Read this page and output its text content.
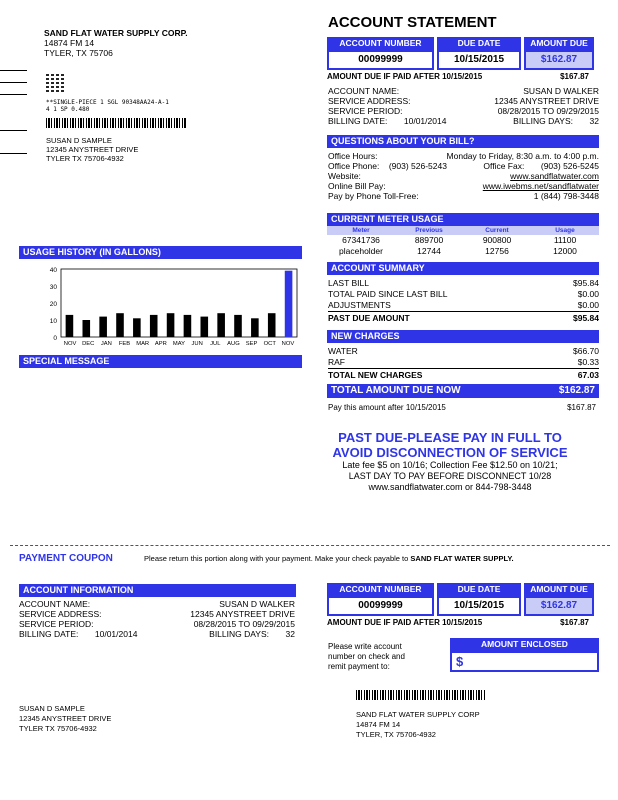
SAND FLAT WATER SUPPLY CORP.
14874 FM 14
TYLER, TX 75706
**SINGLE-PIECE 1 SGL 90348AA24-A-1
4 1 SP 0.480
SUSAN D SAMPLE
12345 ANYSTREET DRIVE
TYLER TX 75706-4932
ACCOUNT STATEMENT
ACCOUNT NUMBER
00099999
DUE DATE
10/15/2015
AMOUNT DUE
$162.87
AMOUNT DUE IF PAID AFTER 10/15/2015	$167.87
ACCOUNT NAME:	SUSAN D WALKER
SERVICE ADDRESS:	12345 ANYSTREET DRIVE
SERVICE PERIOD:	08/28/2015 TO 09/29/2015
BILLING DATE: 10/01/2014	BILLING DAYS: 32
QUESTIONS ABOUT YOUR BILL?
Office Hours:	Monday to Friday, 8:30 a.m. to 4:00 p.m.
Office Phone: (903) 526-5243	Office Fax: (903) 526-5245
Website:	www.sandflatwater.com
Online Bill Pay:	www.iwebms.net/sandflatwater
Pay by Phone Toll-Free:	1 (844) 798-3448
CURRENT METER USAGE
Meter	Previous	Current	Usage
67341736	889700	900800	11100
placeholder	12744	12756	12000
ACCOUNT SUMMARY
LAST BILL	$95.84
TOTAL PAID SINCE LAST BILL	$0.00
ADJUSTMENTS	$0.00
PAST DUE AMOUNT	$95.84
NEW CHARGES
WATER	$66.70
RAF	$0.33
TOTAL NEW CHARGES	67.03
TOTAL AMOUNT DUE NOW	$162.87
Pay this amount after 10/15/2015	$167.87
PAST DUE-PLEASE PAY IN FULL TO
AVOID DISCONNECTION OF SERVICE
Late fee $5 on 10/16; Collection Fee $12.50 on 10/21;
LAST DAY TO PAY BEFORE DISCONNECT 10/28
www.sandflatwater.com or 844-798-3448
USAGE HISTORY (IN GALLONS)
40
30
20
10
0
NOV DEC JAN FEB MAR APR MAY JUN JUL AUG SEP OCT NOV
SPECIAL MESSAGE
PAYMENT COUPON	Please return this portion along with your payment. Make your check payable to SAND FLAT WATER SUPPLY.
ACCOUNT INFORMATION
ACCOUNT NAME:	SUSAN D WALKER
SERVICE ADDRESS:	12345 ANYSTREET DRIVE
SERVICE PERIOD:	08/28/2015 TO 09/29/2015
BILLING DATE: 10/01/2014	BILLING DAYS: 32
ACCOUNT NUMBER
00099999
DUE DATE
10/15/2015
AMOUNT DUE
$162.87
AMOUNT DUE IF PAID AFTER 10/15/2015	$167.87
Please write account
number on check and
remit payment to:
AMOUNT ENCLOSED
$
SAND FLAT WATER SUPPLY CORP
14874 FM 14
TYLER, TX 75706-4932
SUSAN D SAMPLE
12345 ANYSTREET DRIVE
TYLER TX 75706-4932
